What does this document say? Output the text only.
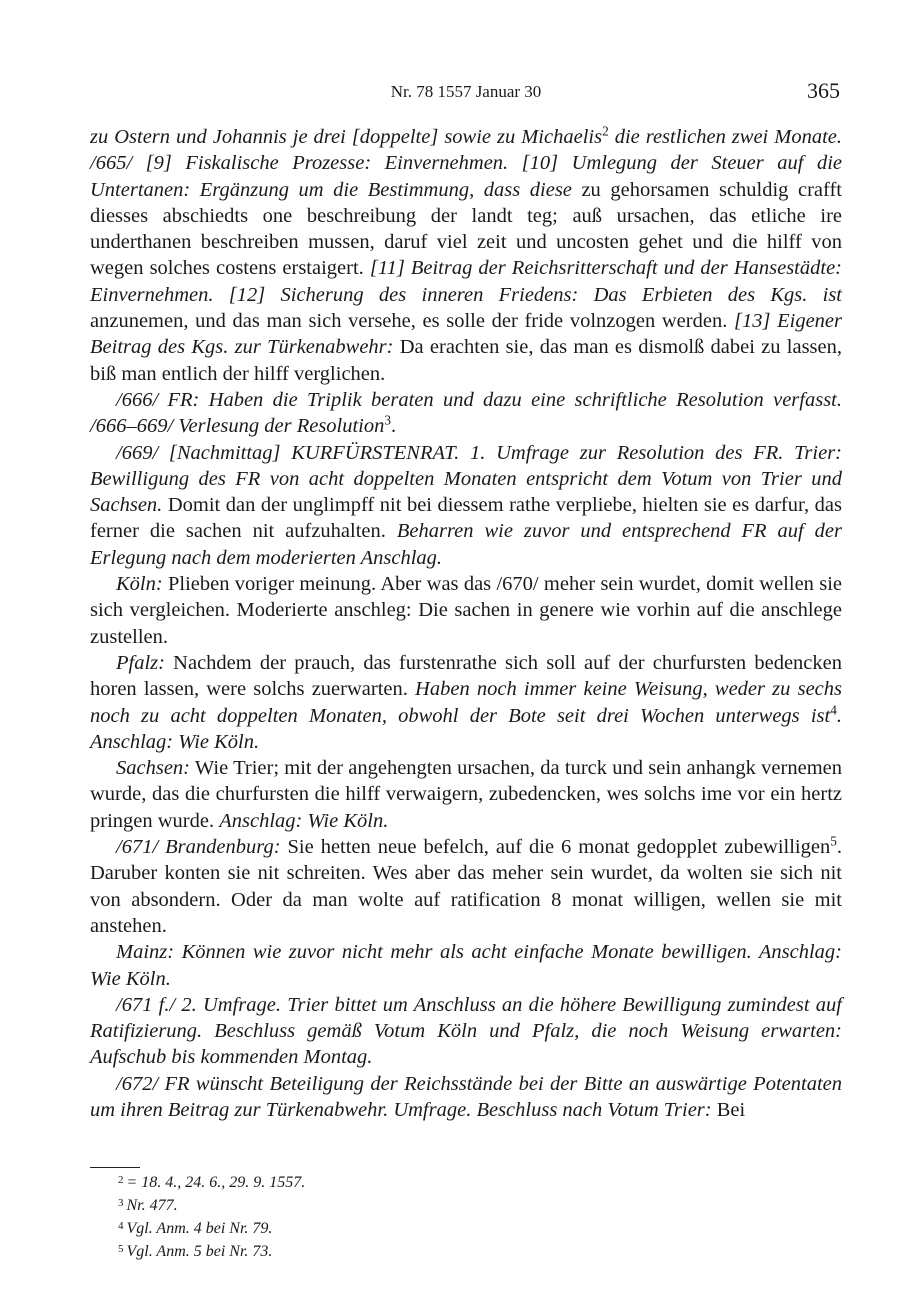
Nr. 78 1557 Januar 30	365

zu Ostern und Johannis je drei [doppelte] sowie zu Michaelis$^2$ die restlichen zwei Monate. /665/ [9] Fiskalische Prozesse: Einvernehmen. [10] Umlegung der Steuer auf die Untertanen: Ergänzung um die Bestimmung, dass diese zu gehorsamen schuldig crafft diesses abschiedts one beschreibung der landt teg; auß ursachen, das etliche ire underthanen beschreiben mussen, daruf viel zeit und uncosten gehet und die hilff von wegen solches costens erstaigert. [11] Beitrag der Reichsritterschaft und der Hansestädte: Einvernehmen. [12] Sicherung des inneren Friedens: Das Erbieten des Kgs. ist anzunemen, und das man sich versehe, es solle der fride volnzogen werden. [13] Eigener Beitrag des Kgs. zur Türkenabwehr: Da erachten sie, das man es dismolß dabei zu lassen, biß man entlich der hilff verglichen.

/666/ FR: Haben die Triplik beraten und dazu eine schriftliche Resolution verfasst. /666–669/ Verlesung der Resolution$^3$.

/669/ [Nachmittag] KURFÜRSTENRAT. 1. Umfrage zur Resolution des FR. Trier: Bewilligung des FR von acht doppelten Monaten entspricht dem Votum von Trier und Sachsen. Domit dan der unglimpff nit bei diessem rathe verpliebe, hielten sie es darfur, das ferner die sachen nit aufzuhalten. Beharren wie zuvor und entsprechend FR auf der Erlegung nach dem moderierten Anschlag.

Köln: Plieben voriger meinung. Aber was das /670/ meher sein wurdet, domit wellen sie sich vergleichen. Moderierte anschleg: Die sachen in genere wie vorhin auf die anschlege zustellen.

Pfalz: Nachdem der prauch, das furstenrathe sich soll auf der churfursten bedencken horen lassen, were solchs zuerwarten. Haben noch immer keine Weisung, weder zu sechs noch zu acht doppelten Monaten, obwohl der Bote seit drei Wochen unterwegs ist$^4$. Anschlag: Wie Köln.

Sachsen: Wie Trier; mit der angehengten ursachen, da turck und sein anhangk vernemen wurde, das die churfursten die hilff verwaigern, zubedencken, wes solchs ime vor ein hertz pringen wurde. Anschlag: Wie Köln.

/671/ Brandenburg: Sie hetten neue befelch, auf die 6 monat gedopplet zubewilligen$^5$. Daruber konten sie nit schreiten. Wes aber das meher sein wurdet, da wolten sie sich nit von absondern. Oder da man wolte auf ratification 8 monat willigen, wellen sie mit anstehen.

Mainz: Können wie zuvor nicht mehr als acht einfache Monate bewilligen. Anschlag: Wie Köln.

/671 f./ 2. Umfrage. Trier bittet um Anschluss an die höhere Bewilligung zumindest auf Ratifizierung. Beschluss gemäß Votum Köln und Pfalz, die noch Weisung erwarten: Aufschub bis kommenden Montag.

/672/ FR wünscht Beteiligung der Reichsstände bei der Bitte an auswärtige Potentaten um ihren Beitrag zur Türkenabwehr. Umfrage. Beschluss nach Votum Trier: Bei

$^2$ = 18. 4., 24. 6., 29. 9. 1557.
$^3$ Nr. 477.
$^4$ Vgl. Anm. 4 bei Nr. 79.
$^5$ Vgl. Anm. 5 bei Nr. 73.
